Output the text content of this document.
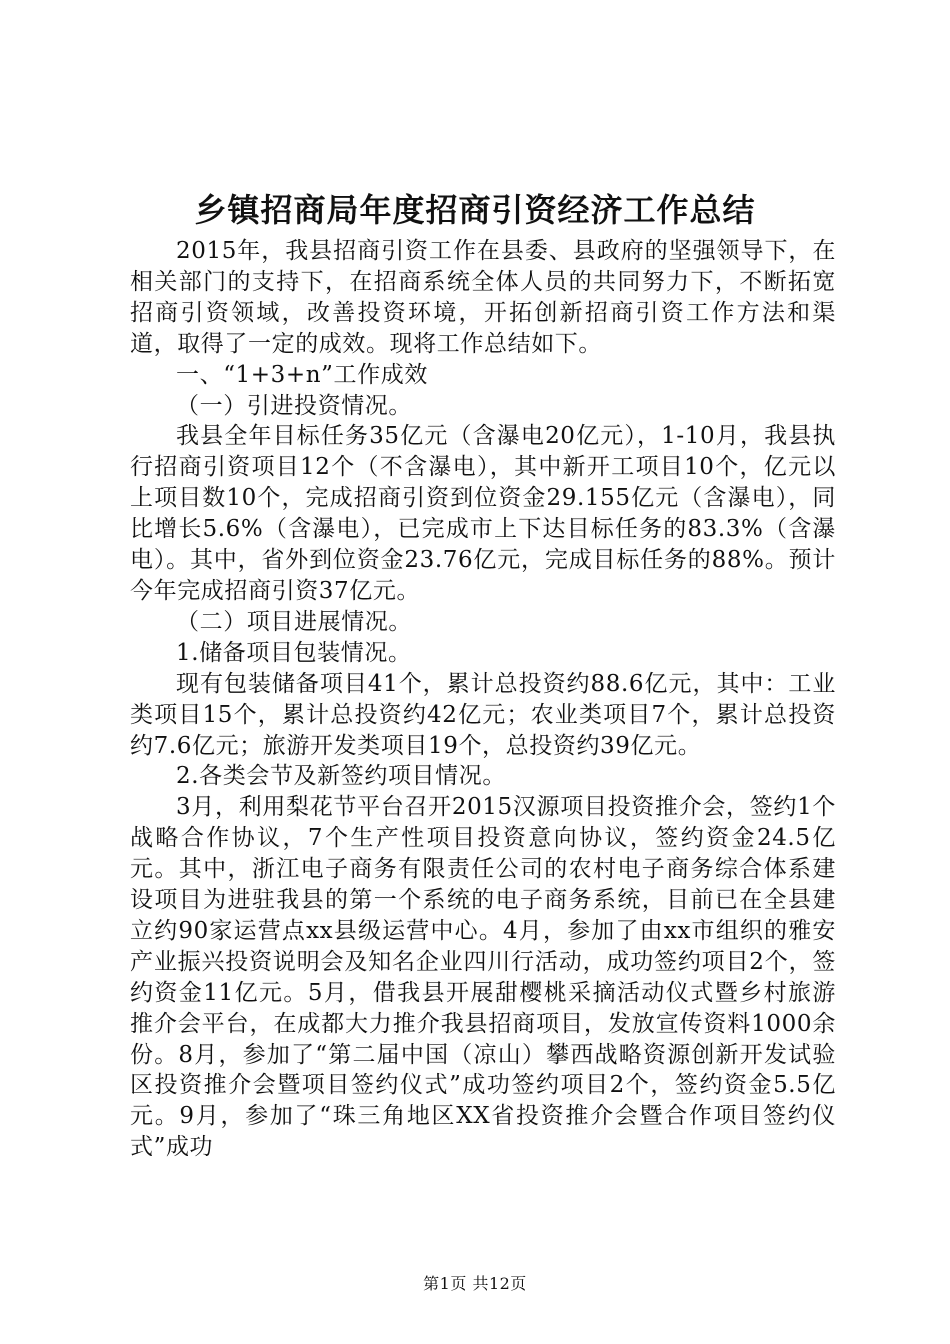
乡镇招商局年度招商引资经济工作总结

2015年，我县招商引资工作在县委、县政府的坚强领导下，在相关部门的支持下，在招商系统全体人员的共同努力下，不断拓宽招商引资领域，改善投资环境，开拓创新招商引资工作方法和渠道，取得了一定的成效。现将工作总结如下。

一、“1+3+n”工作成效

（一）引进投资情况。

我县全年目标任务35亿元（含瀑电20亿元），1-10月，我县执行招商引资项目12个（不含瀑电），其中新开工项目10个，亿元以上项目数10个，完成招商引资到位资金29.155亿元（含瀑电），同比增长5.6%（含瀑电），已完成市上下达目标任务的83.3%（含瀑电）。其中，省外到位资金23.76亿元，完成目标任务的88%。预计今年完成招商引资37亿元。

（二）项目进展情况。

1.储备项目包装情况。

现有包装储备项目41个，累计总投资约88.6亿元，其中：工业类项目15个，累计总投资约42亿元；农业类项目7个，累计总投资约7.6亿元；旅游开发类项目19个，总投资约39亿元。

2.各类会节及新签约项目情况。

3月，利用梨花节平台召开2015汉源项目投资推介会，签约1个战略合作协议，7个生产性项目投资意向协议，签约资金24.5亿元。其中，浙江电子商务有限责任公司的农村电子商务综合体系建设项目为进驻我县的第一个系统的电子商务系统，目前已在全县建立约90家运营点xx县级运营中心。4月，参加了由xx市组织的雅安产业振兴投资说明会及知名企业四川行活动，成功签约项目2个，签约资金11亿元。5月，借我县开展甜樱桃采摘活动仪式暨乡村旅游推介会平台，在成都大力推介我县招商项目，发放宣传资料1000余份。8月，参加了“第二届中国（凉山）攀西战略资源创新开发试验区投资推介会暨项目签约仪式”成功签约项目2个，签约资金5.5亿元。9月，参加了“珠三角地区XX省投资推介会暨合作项目签约仪式”成功

第1页 共12页
